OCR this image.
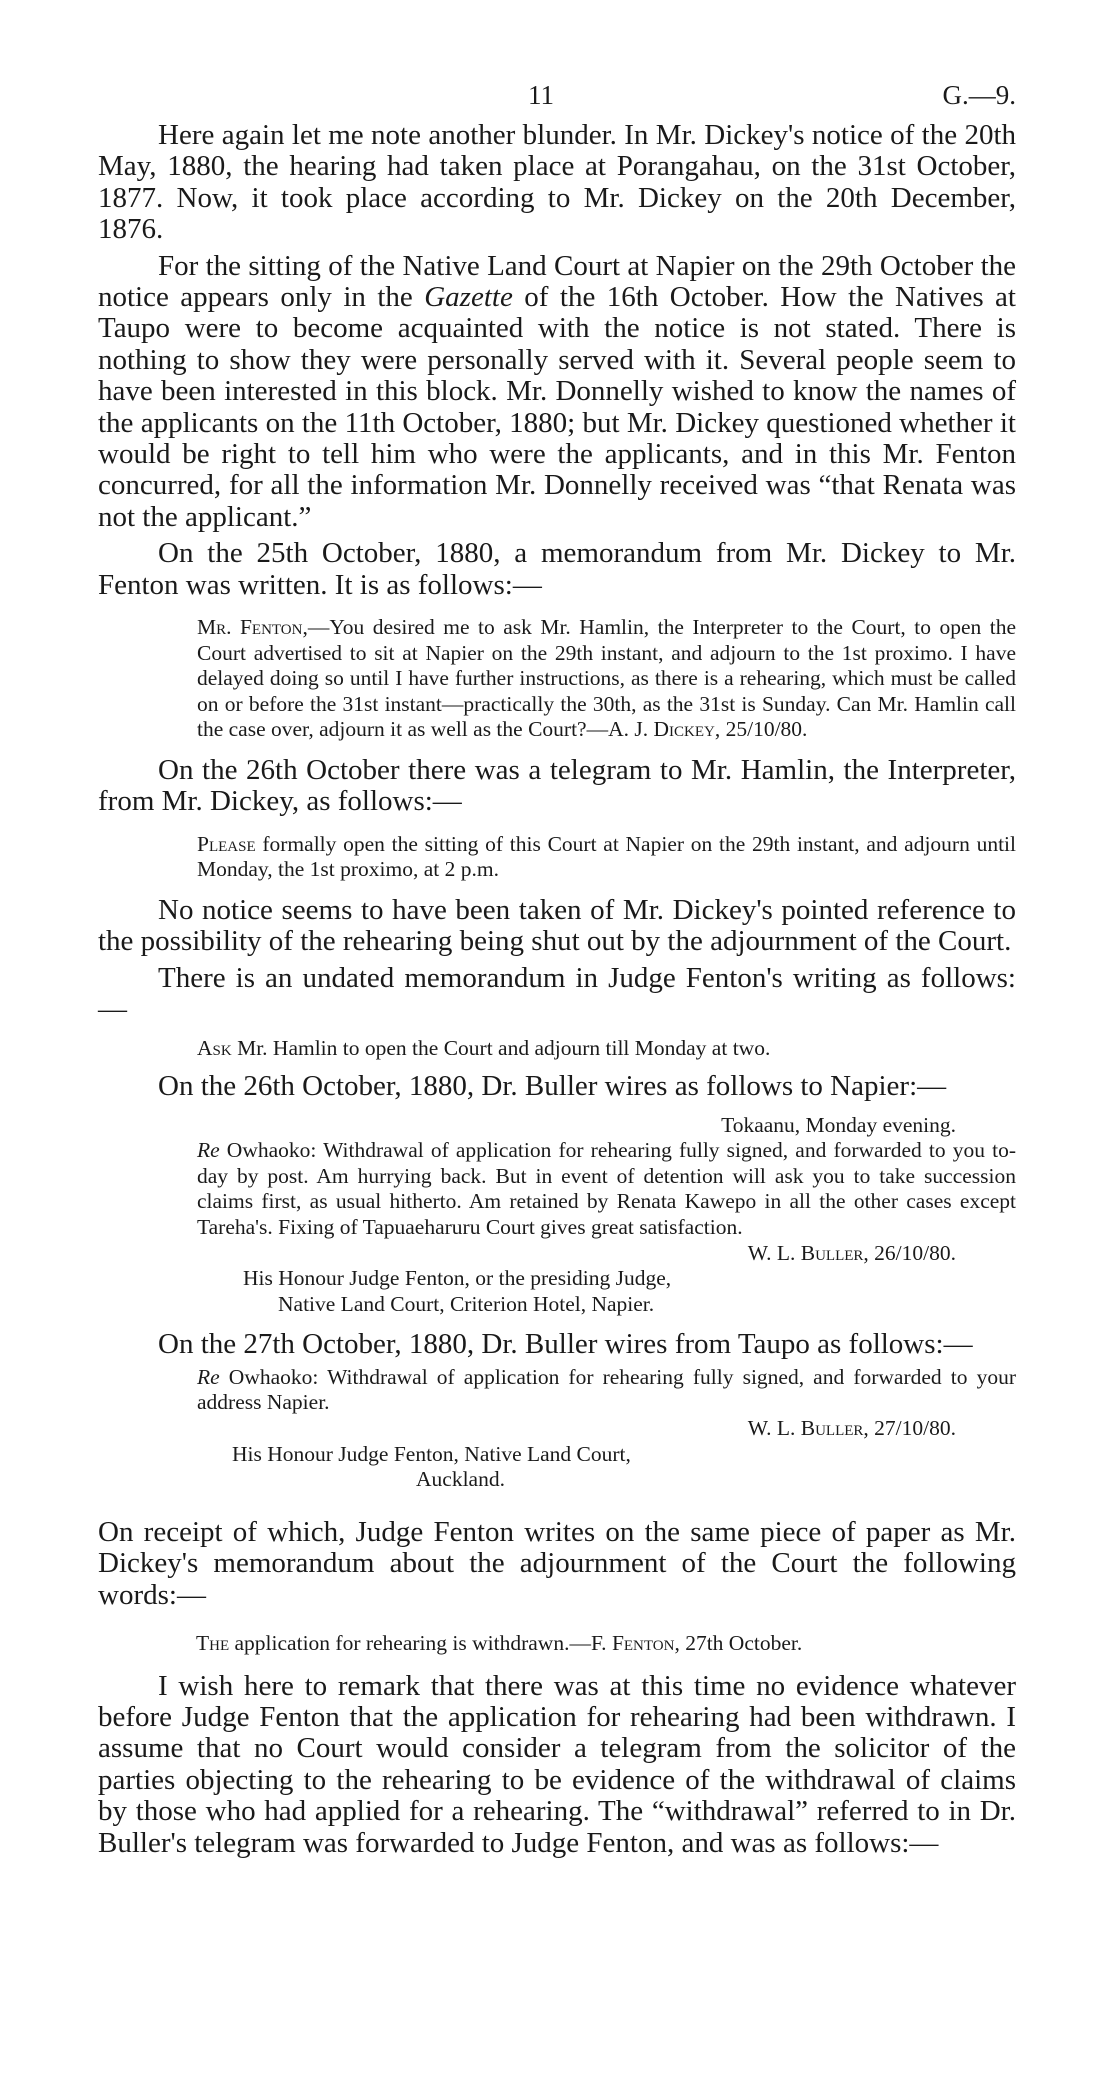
11	G.—9.

Here again let me note another blunder. In Mr. Dickey's notice of the 20th May, 1880, the hearing had taken place at Porangahau, on the 31st October, 1877. Now, it took place according to Mr. Dickey on the 20th December, 1876.

For the sitting of the Native Land Court at Napier on the 29th October the notice appears only in the Gazette of the 16th October. How the Natives at Taupo were to become acquainted with the notice is not stated. There is nothing to show they were personally served with it. Several people seem to have been interested in this block. Mr. Donnelly wished to know the names of the applicants on the 11th October, 1880; but Mr. Dickey questioned whether it would be right to tell him who were the applicants, and in this Mr. Fenton concurred, for all the information Mr. Donnelly received was “that Renata was not the applicant.”

On the 25th October, 1880, a memorandum from Mr. Dickey to Mr. Fenton was written. It is as follows:—

Mr. Fenton,—You desired me to ask Mr. Hamlin, the Interpreter to the Court, to open the Court advertised to sit at Napier on the 29th instant, and adjourn to the 1st proximo. I have delayed doing so until I have further instructions, as there is a rehearing, which must be called on or before the 31st instant—practically the 30th, as the 31st is Sunday. Can Mr. Hamlin call the case over, adjourn it as well as the Court?—A. J. Dickey, 25/10/80.

On the 26th October there was a telegram to Mr. Hamlin, the Interpreter, from Mr. Dickey, as follows:—

Please formally open the sitting of this Court at Napier on the 29th instant, and adjourn until Monday, the 1st proximo, at 2 p.m.

No notice seems to have been taken of Mr. Dickey's pointed reference to the possibility of the rehearing being shut out by the adjournment of the Court.

There is an undated memorandum in Judge Fenton's writing as follows:—

Ask Mr. Hamlin to open the Court and adjourn till Monday at two.

On the 26th October, 1880, Dr. Buller wires as follows to Napier:—

Tokaanu, Monday evening.

Re Owhaoko: Withdrawal of application for rehearing fully signed, and forwarded to you to-day by post. Am hurrying back. But in event of detention will ask you to take succession claims first, as usual hitherto. Am retained by Renata Kawepo in all the other cases except Tareha's. Fixing of Tapuaeharuru Court gives great satisfaction.

W. L. Buller, 26/10/80.

His Honour Judge Fenton, or the presiding Judge,

Native Land Court, Criterion Hotel, Napier.

On the 27th October, 1880, Dr. Buller wires from Taupo as follows:—

Re Owhaoko: Withdrawal of application for rehearing fully signed, and forwarded to your address Napier.

W. L. Buller, 27/10/80.

His Honour Judge Fenton, Native Land Court,

Auckland.

On receipt of which, Judge Fenton writes on the same piece of paper as Mr. Dickey's memorandum about the adjournment of the Court the following words:—

The application for rehearing is withdrawn.—F. Fenton, 27th October.

I wish here to remark that there was at this time no evidence whatever before Judge Fenton that the application for rehearing had been withdrawn. I assume that no Court would consider a telegram from the solicitor of the parties objecting to the rehearing to be evidence of the withdrawal of claims by those who had applied for a rehearing. The “withdrawal” referred to in Dr. Buller's telegram was forwarded to Judge Fenton, and was as follows:—
